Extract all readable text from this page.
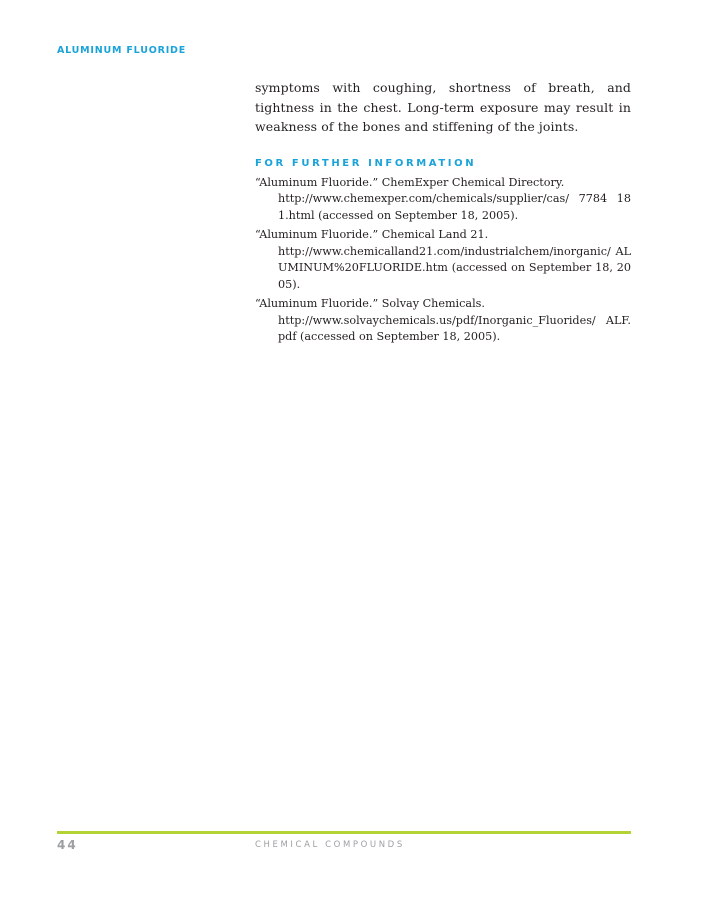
ALUMINUM FLUORIDE

symptoms with coughing, shortness of breath, and tightness in the chest. Long-term exposure may result in weakness of the bones and stiffening of the joints.

FOR FURTHER INFORMATION
“Aluminum Fluoride.” ChemExper Chemical Directory.
http://www.chemexper.com/chemicals/supplier/cas/ 7784 18 1.html (accessed on September 18, 2005).
“Aluminum Fluoride.” Chemical Land 21.
http://www.chemicalland21.com/industrialchem/inorganic/ ALUMINUM%20FLUORIDE.htm (accessed on September 18, 2005).
“Aluminum Fluoride.” Solvay Chemicals.
http://www.solvaychemicals.us/pdf/Inorganic_Fluorides/ ALF.pdf (accessed on September 18, 2005).
44	CHEMICAL COMPOUNDS
